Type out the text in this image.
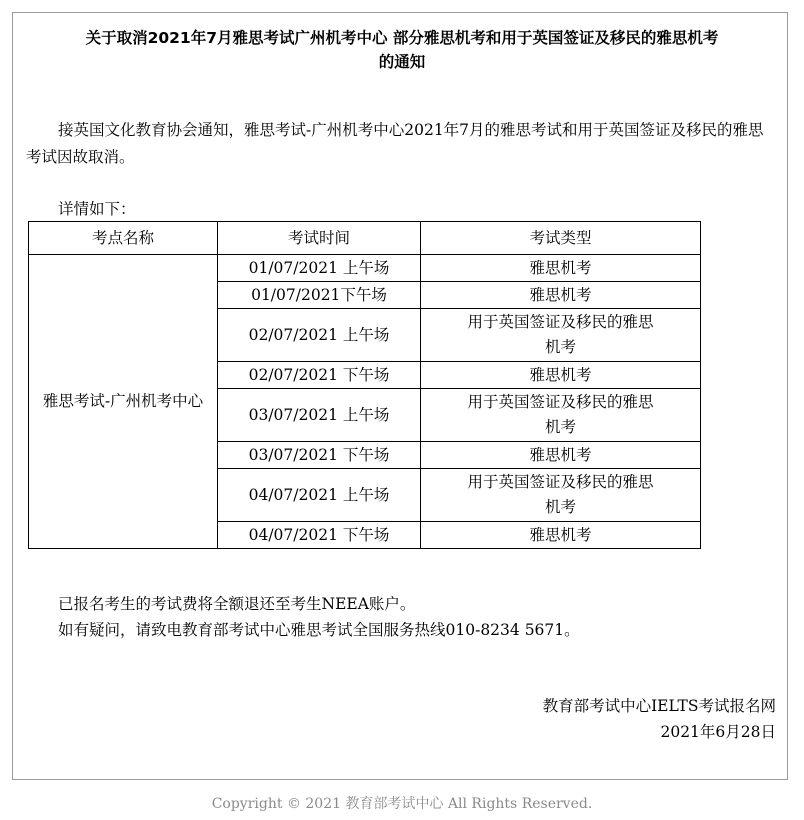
关于取消2021年7月雅思考试广州机考中心 部分雅思机考和用于英国签证及移民的雅思机考
的通知
接英国文化教育协会通知，雅思考试-广州机考中心2021年7月的雅思考试和用于英国签证及移民的雅思考试因故取消。
详情如下：
考点名称	考试时间	考试类型
雅思考试-广州机考中心	01/07/2021 上午场	雅思机考
	01/07/2021下午场	雅思机考
	02/07/2021 上午场	用于英国签证及移民的雅思机考
	02/07/2021 下午场	雅思机考
	03/07/2021 上午场	用于英国签证及移民的雅思机考
	03/07/2021 下午场	雅思机考
	04/07/2021 上午场	用于英国签证及移民的雅思机考
	04/07/2021 下午场	雅思机考
已报名考生的考试费将全额退还至考生NEEA账户。
如有疑问，请致电教育部考试中心雅思考试全国服务热线010-8234 5671。
教育部考试中心IELTS考试报名网
2021年6月28日
Copyright © 2021 教育部考试中心 All Rights Reserved.
